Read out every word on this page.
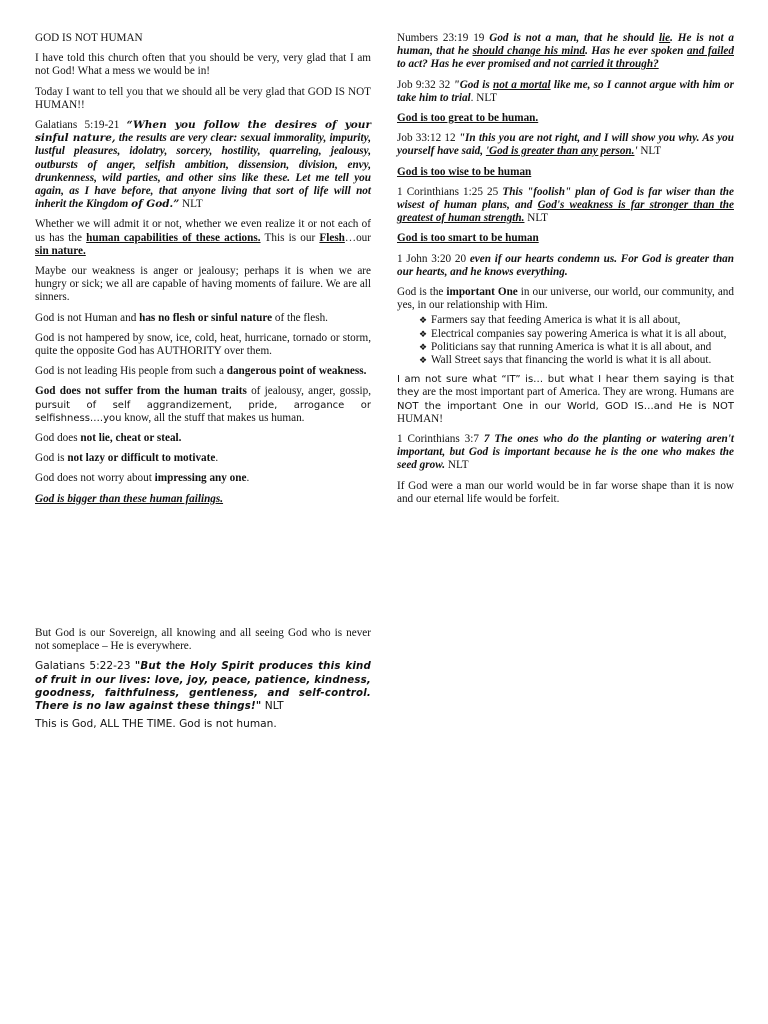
GOD IS NOT HUMAN

I have told this church often that you should be very, very glad that I am not God! What a mess we would be in!

Today I want to tell you that we should all be very glad that GOD IS NOT HUMAN!!

Galatians 5:19-21 “When you follow the desires of your sinful nature, the results are very clear: sexual immorality, impurity, lustful pleasures, idolatry, sorcery, hostility, quarreling, jealousy, outbursts of anger, selfish ambition, dissension, division, envy, drunkenness, wild parties, and other sins like these. Let me tell you again, as I have before, that anyone living that sort of life will not inherit the Kingdom of God.” NLT

Whether we will admit it or not, whether we even realize it or not each of us has the human capabilities of these actions. This is our Flesh…our sin nature.

Maybe our weakness is anger or jealousy; perhaps it is when we are hungry or sick; we all are capable of having moments of failure. We are all sinners.

God is not Human and has no flesh or sinful nature of the flesh.

God is not hampered by snow, ice, cold, heat, hurricane, tornado or storm, quite the opposite God has AUTHORITY over them.

God is not leading His people from such a dangerous point of weakness.

God does not suffer from the human traits of jealousy, anger, gossip, pursuit of self aggrandizement, pride, arrogance or selfishness….you know, all the stuff that makes us human.

God does not lie, cheat or steal.

God is not lazy or difficult to motivate.

God does not worry about impressing any one.

God is bigger than these human failings.

Numbers 23:19 19 God is not a man, that he should lie. He is not a human, that he should change his mind. Has he ever spoken and failed to act? Has he ever promised and not carried it through?

Job 9:32 32 "God is not a mortal like me, so I cannot argue with him or take him to trial. NLT

God is too great to be human.

Job 33:12 12 "In this you are not right, and I will show you why. As you yourself have said, 'God is greater than any person.' NLT

God is too wise to be human

1 Corinthians 1:25 25 This "foolish" plan of God is far wiser than the wisest of human plans, and God's weakness is far stronger than the greatest of human strength. NLT

God is too smart to be human

1 John 3:20 20 even if our hearts condemn us. For God is greater than our hearts, and he knows everything.

God is the important One in our universe, our world, our community, and yes, in our relationship with Him.

❖ Farmers say that feeding America is what it is all about,
❖ Electrical companies say powering America is what it is all about,
❖ Politicians say that running America is what it is all about, and
❖ Wall Street says that financing the world is what it is all about.

I am not sure what “IT” is… but what I hear them saying is that they are the most important part of America. They are wrong. Humans are NOT the important One in our World, GOD IS…and He is NOT HUMAN!

1 Corinthians 3:7 7 The ones who do the planting or watering aren't important, but God is important because he is the one who makes the seed grow. NLT

If God were a man our world would be in far worse shape than it is now and our eternal life would be forfeit.

But God is our Sovereign, all knowing and all seeing God who is never not someplace – He is everywhere.

Galatians 5:22-23 "But the Holy Spirit produces this kind of fruit in our lives: love, joy, peace, patience, kindness, goodness, faithfulness, gentleness, and self-control. There is no law against these things!" NLT

This is God, ALL THE TIME. God is not human.
